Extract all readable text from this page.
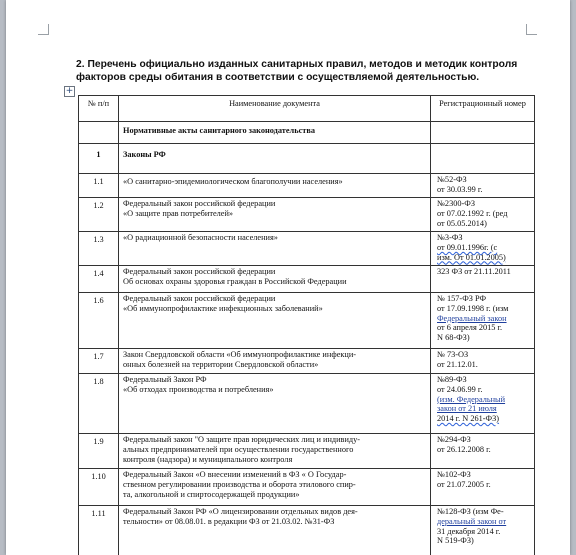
2. Перечень официально изданных санитарных правил, методов и методик контроля факторов среды обитания в соответствии с осуществляемой деятельностью.
+
№ п/п	Наименование документа	Регистрационный номер
	Нормативные акты санитарного законодательства	
1	Законы РФ	
1.1	«О санитарно-эпидемиологическом благополучии населения»	№52-ФЗ
от 30.03.99 г.
1.2	Федеральный закон российской федерации
«О защите прав потребителей»	№2300-ФЗ
от 07.02.1992 г. (ред
от 05.05.2014)
1.3	«О радиационной безопасности населения»	№3-ФЗ
от 09.01.1996г. (с
изм. От 01.01.2005)
1.4	Федеральный закон российской федерации
Об основах охраны здоровья граждан в Российской Федерации	323 ФЗ от 21.11.2011
1.6	Федеральный закон российской федерации
«Об иммунопрофилактике инфекционных заболеваний»	№ 157-ФЗ РФ
от 17.09.1998 г. (изм
Федеральный закон
от 6 апреля 2015 г.
N 68-ФЗ)
1.7	Закон Свердловской области «Об иммунопрофилактике инфекци-
онных болезней на территории Свердловской области»	№ 73-ОЗ
от 21.12.01.
1.8	Федеральный Закон РФ
«Об отходах производства и потребления»	№89-ФЗ
от 24.06.99 г.
(изм. Федеральный
закон от 21 июля
2014 г. N 261-ФЗ)
1.9	Федеральный закон "О защите прав юридических лиц и индивиду-
альных предпринимателей при осуществлении государственного
контроля (надзора) и муниципального контроля	№294-ФЗ
от 26.12.2008 г.
1.10	Федеральный Закон «О внесении изменений в ФЗ « О Государ-
ственном регулировании производства и оборота этилового спир-
та, алкогольной и спиртосодержащей продукции»	№102-ФЗ
от 21.07.2005 г.
1.11	Федеральный Закон РФ «О лицензировании отдельных видов дея-
тельности» от 08.08.01. в редакции ФЗ от 21.03.02. №31-ФЗ	№128-ФЗ (изм Фе-
деральный закон от
31 декабря 2014 г.
N 519-ФЗ)
